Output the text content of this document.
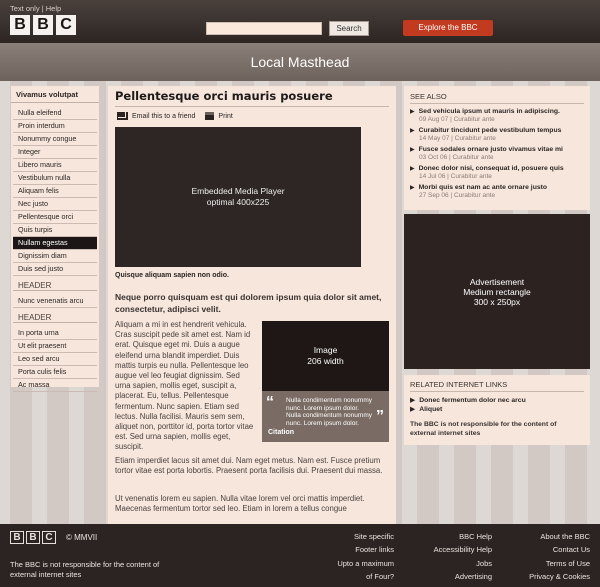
Text only | Help
B B C	Search	Explore the BBC
Local Masthead
Vivamus volutpat
Nulla eleifend
Proin interdum
Nonummy congue
Integer
Libero mauris
Vestibulum nulla
Aliquam felis
Nec justo
Pellentesque orci
Quis turpis
Nullam egestas
Dignissim diam
Duis sed justo
HEADER
Nunc venenatis arcu
HEADER
In porta urna
Ut elit praesent
Leo sed arcu
Porta culis felis
Ac massa
Pellentesque orci mauris posuere
Email this to a friend	Print
Embedded Media Player
optimal 400x225
Quisque aliquam sapien non odio.
Neque porro quisquam est qui dolorem ipsum quia dolor sit amet, consectetur, adipisci velit.
Aliquam a mi in est hendrerit vehicula. Cras suscipit pede sit amet est. Nam id erat. Quisque eget mi. Duis a augue eleifend urna blandit imperdiet. Duis mattis turpis eu nulla. Pellentesque leo augue vel leo feugiat dignissim. Sed urna sapien, mollis eget, suscipit a, placerat. Eu, tellus. Pellentesque fermentum. Nunc sapien. Etiam sed lectus. Nulla facilisi. Mauris sem sem, aliquet non, porttitor id, porta tortor vitae est. Sed urna sapien, mollis eget, suscipit.
Image
206 width
“ Nulla condimentum nonummy nunc. Lorem ipsum dolor. Nulla condimentum nonummy nunc. Lorem ipsum dolor.	”
Citation
Etiam imperdiet lacus sit amet dui. Nam eget metus. Nam est. Fusce pretium tortor vitae est porta lobortis. Praesent porta facilisis dui. Praesent dui massa.
Ut venenatis lorem eu sapien. Nulla vitae lorem vel orci mattis imperdiet. Maecenas fermentum tortor sed leo. Etiam in lorem a tellus congue
SEE ALSO
▶ Sed vehicula ipsum ut mauris in adipiscing.
09 Aug 07 | Curabitur ante
▶ Curabitur tincidunt pede vestibulum tempus
14 May 07 | Curabitur ante
▶ Fusce sodales ornare justo vivamus vitae mi
03 Oct 06 | Curabitur ante
▶ Donec dolor nisi, consequat id, posuere quis
14 Jul 06 | Curabitur ante
▶ Morbi quis est nam ac ante ornare justo
27 Sep 06 | Curabitur ante
Advertisement
Medium rectangle
300 x 250px
RELATED INTERNET LINKS
▶ Donec fermentum dolor nec arcu
▶ Aliquet
The BBC is not responsible for the content of external internet sites
B B C	© MMVII
The BBC is not responsible for the content of external internet sites
Site specific
Footer links
Upto a maximum
of Four?
BBC Help
Accessibility Help
Jobs
Advertising
About the BBC
Contact Us
Terms of Use
Privacy & Cookies
